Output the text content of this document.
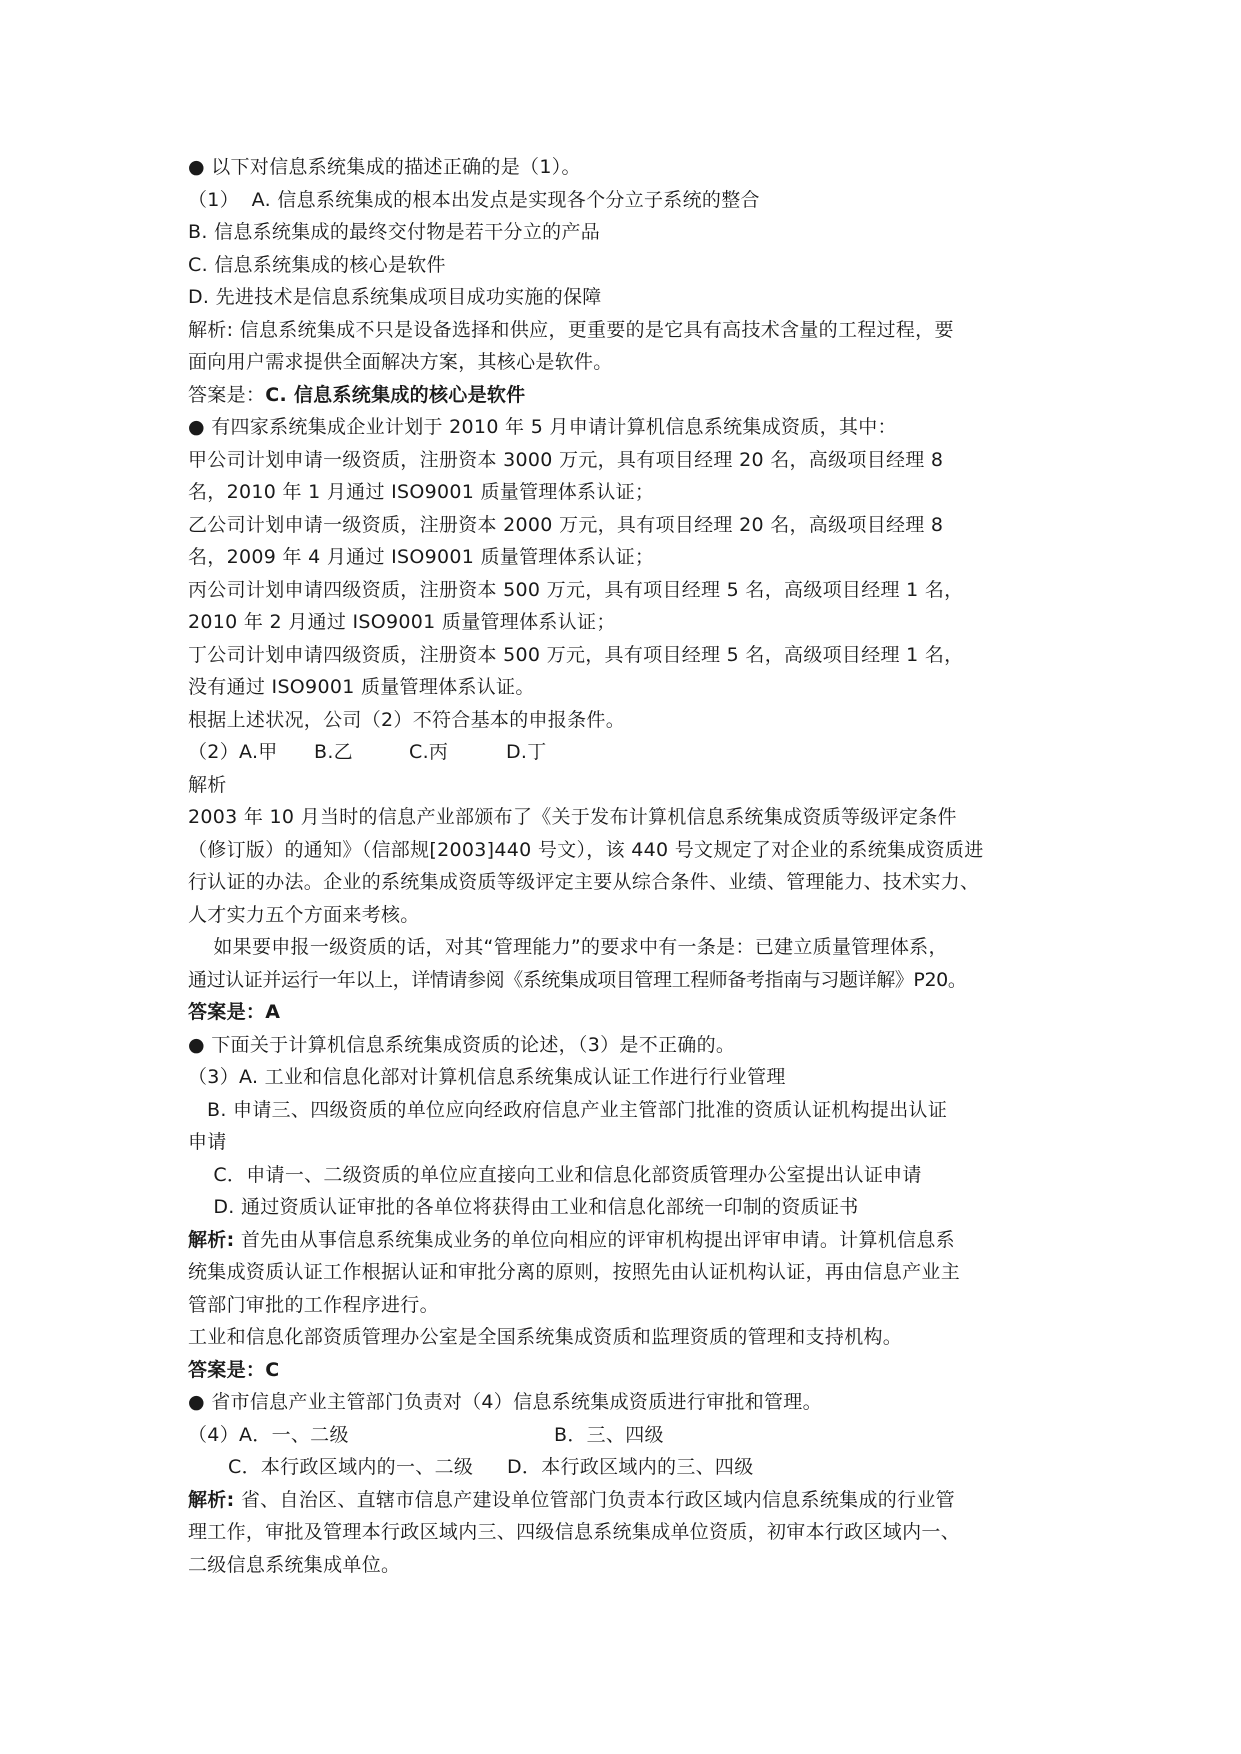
● 以下对信息系统集成的描述正确的是（1）。
（1）  A. 信息系统集成的根本出发点是实现各个分立子系统的整合
B. 信息系统集成的最终交付物是若干分立的产品
C. 信息系统集成的核心是软件
D. 先进技术是信息系统集成项目成功实施的保障
解析: 信息系统集成不只是设备选择和供应，更重要的是它具有高技术含量的工程过程，要
面向用户需求提供全面解决方案，其核心是软件。
答案是：C. 信息系统集成的核心是软件
● 有四家系统集成企业计划于 2010 年 5 月申请计算机信息系统集成资质，其中：
甲公司计划申请一级资质，注册资本 3000 万元，具有项目经理 20 名，高级项目经理 8
名，2010 年 1 月通过 ISO9001 质量管理体系认证；
乙公司计划申请一级资质，注册资本 2000 万元，具有项目经理 20 名，高级项目经理 8
名，2009 年 4 月通过 ISO9001 质量管理体系认证；
丙公司计划申请四级资质，注册资本 500 万元，具有项目经理 5 名，高级项目经理 1 名，
2010 年 2 月通过 ISO9001 质量管理体系认证；
丁公司计划申请四级资质，注册资本 500 万元，具有项目经理 5 名，高级项目经理 1 名，
没有通过 ISO9001 质量管理体系认证。
根据上述状况，公司（2）不符合基本的申报条件。
（2）A.甲 B.乙	C.丙	D.丁
解析
2003 年 10 月当时的信息产业部颁布了《关于发布计算机信息系统集成资质等级评定条件
（修订版）的通知》（信部规[2003]440 号文），该 440 号文规定了对企业的系统集成资质进
行认证的办法。企业的系统集成资质等级评定主要从综合条件、业绩、管理能力、技术实力、
人才实力五个方面来考核。
如果要申报一级资质的话，对其“管理能力”的要求中有一条是：已建立质量管理体系，
通过认证并运行一年以上，详情请参阅《系统集成项目管理工程师备考指南与习题详解》P20。
答案是：A
● 下面关于计算机信息系统集成资质的论述，（3）是不正确的。
（3）A. 工业和信息化部对计算机信息系统集成认证工作进行行业管理
B. 申请三、四级资质的单位应向经政府信息产业主管部门批准的资质认证机构提出认证
申请
C．申请一、二级资质的单位应直接向工业和信息化部资质管理办公室提出认证申请
D. 通过资质认证审批的各单位将获得由工业和信息化部统一印制的资质证书
解析: 首先由从事信息系统集成业务的单位向相应的评审机构提出评审申请。计算机信息系
统集成资质认证工作根据认证和审批分离的原则，按照先由认证机构认证，再由信息产业主
管部门审批的工作程序进行。
工业和信息化部资质管理办公室是全国系统集成资质和监理资质的管理和支持机构。
答案是：C
● 省市信息产业主管部门负责对（4）信息系统集成资质进行审批和管理。
（4）A．一、二级	B．三、四级
C．本行政区域内的一、二级 D．本行政区域内的三、四级
解析: 省、自治区、直辖市信息产建设单位管部门负责本行政区域内信息系统集成的行业管
理工作，审批及管理本行政区域内三、四级信息系统集成单位资质，初审本行政区域内一、
二级信息系统集成单位。
